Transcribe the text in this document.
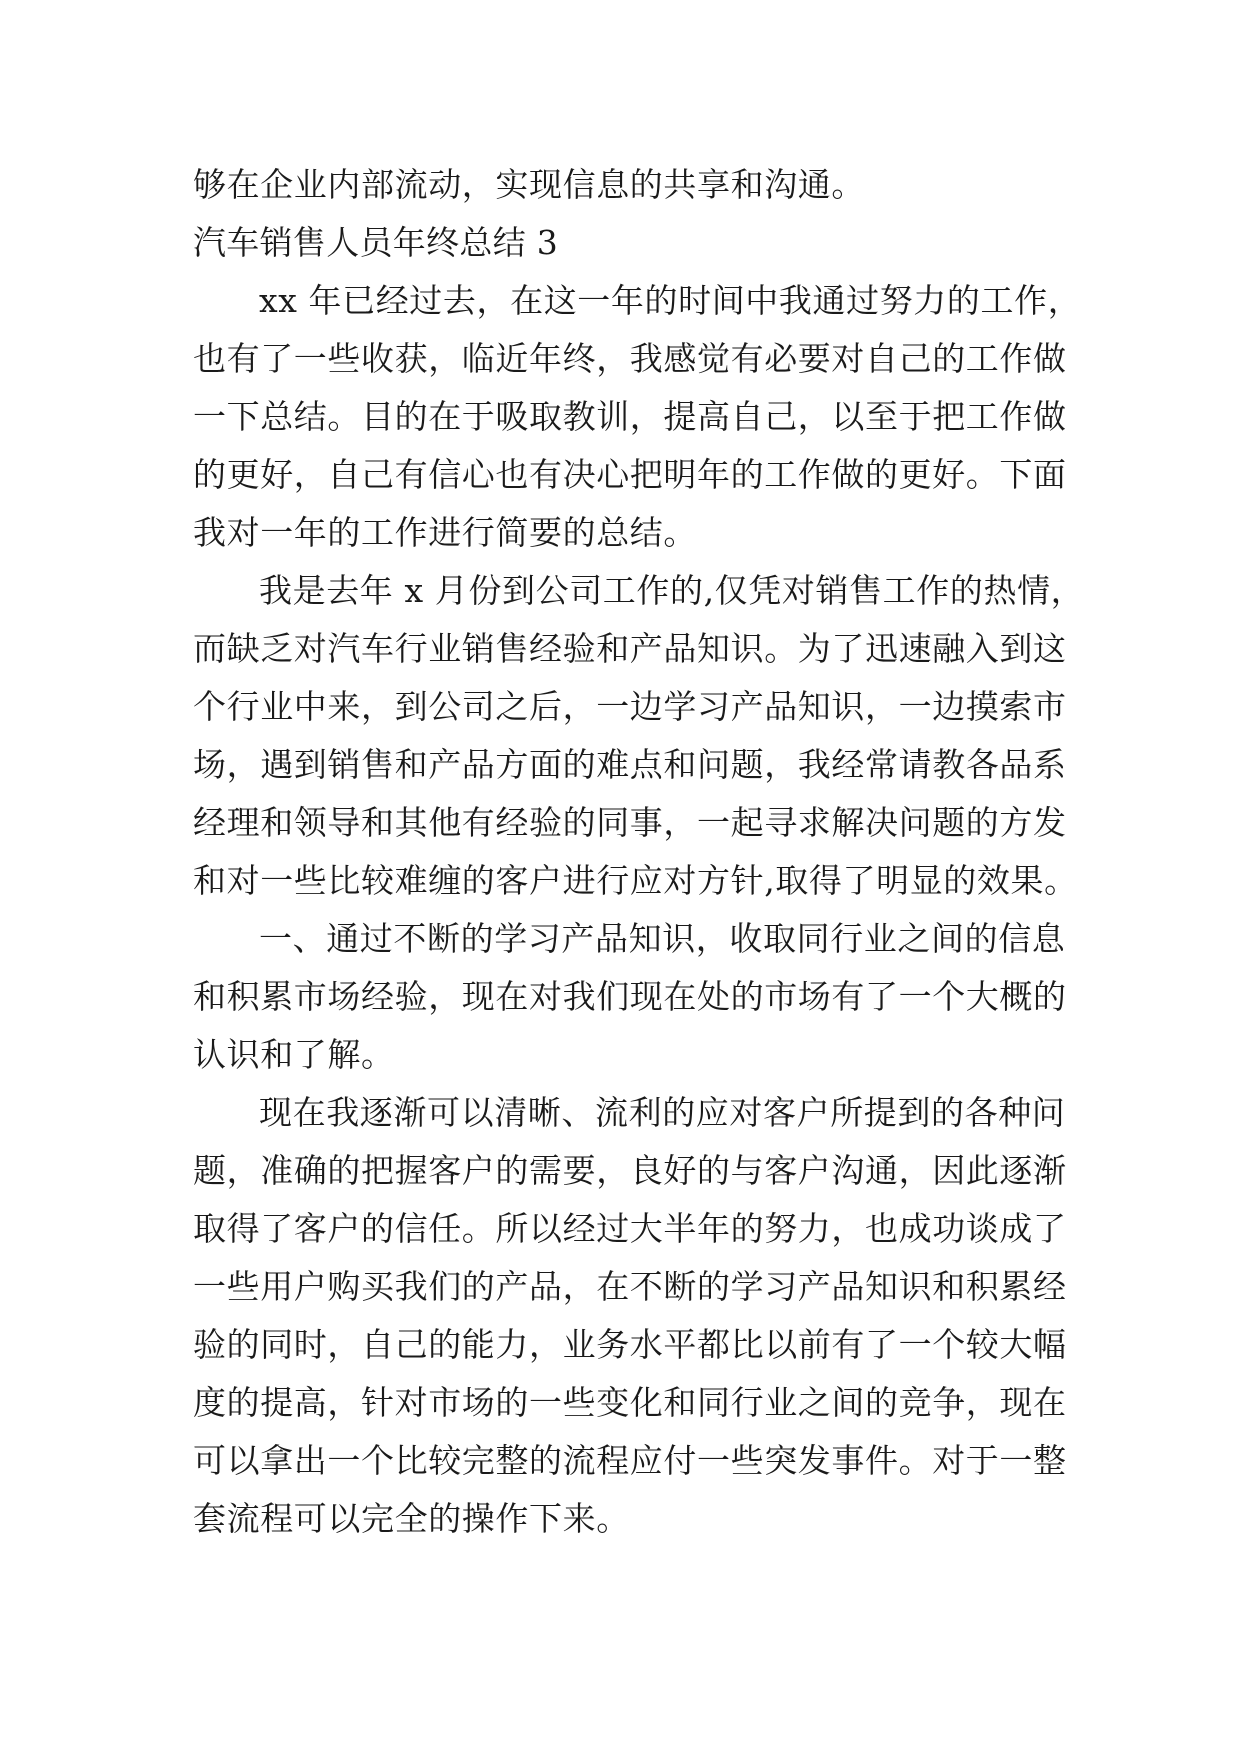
够在企业内部流动，实现信息的共享和沟通。
汽车销售人员年终总结 3
xx 年已经过去，在这一年的时间中我通过努力的工作，
也有了一些收获，临近年终，我感觉有必要对自己的工作做
一下总结。目的在于吸取教训，提高自己，以至于把工作做
的更好，自己有信心也有决心把明年的工作做的更好。下面
我对一年的工作进行简要的总结。
我是去年 x 月份到公司工作的,仅凭对销售工作的热情，
而缺乏对汽车行业销售经验和产品知识。为了迅速融入到这
个行业中来，到公司之后，一边学习产品知识，一边摸索市
场，遇到销售和产品方面的难点和问题，我经常请教各品系
经理和领导和其他有经验的同事，一起寻求解决问题的方发
和对一些比较难缠的客户进行应对方针,取得了明显的效果。
一、通过不断的学习产品知识，收取同行业之间的信息
和积累市场经验，现在对我们现在处的市场有了一个大概的
认识和了解。
现在我逐渐可以清晰、流利的应对客户所提到的各种问
题，准确的把握客户的需要，良好的与客户沟通，因此逐渐
取得了客户的信任。所以经过大半年的努力，也成功谈成了
一些用户购买我们的产品，在不断的学习产品知识和积累经
验的同时，自己的能力，业务水平都比以前有了一个较大幅
度的提高，针对市场的一些变化和同行业之间的竞争，现在
可以拿出一个比较完整的流程应付一些突发事件。对于一整
套流程可以完全的操作下来。
